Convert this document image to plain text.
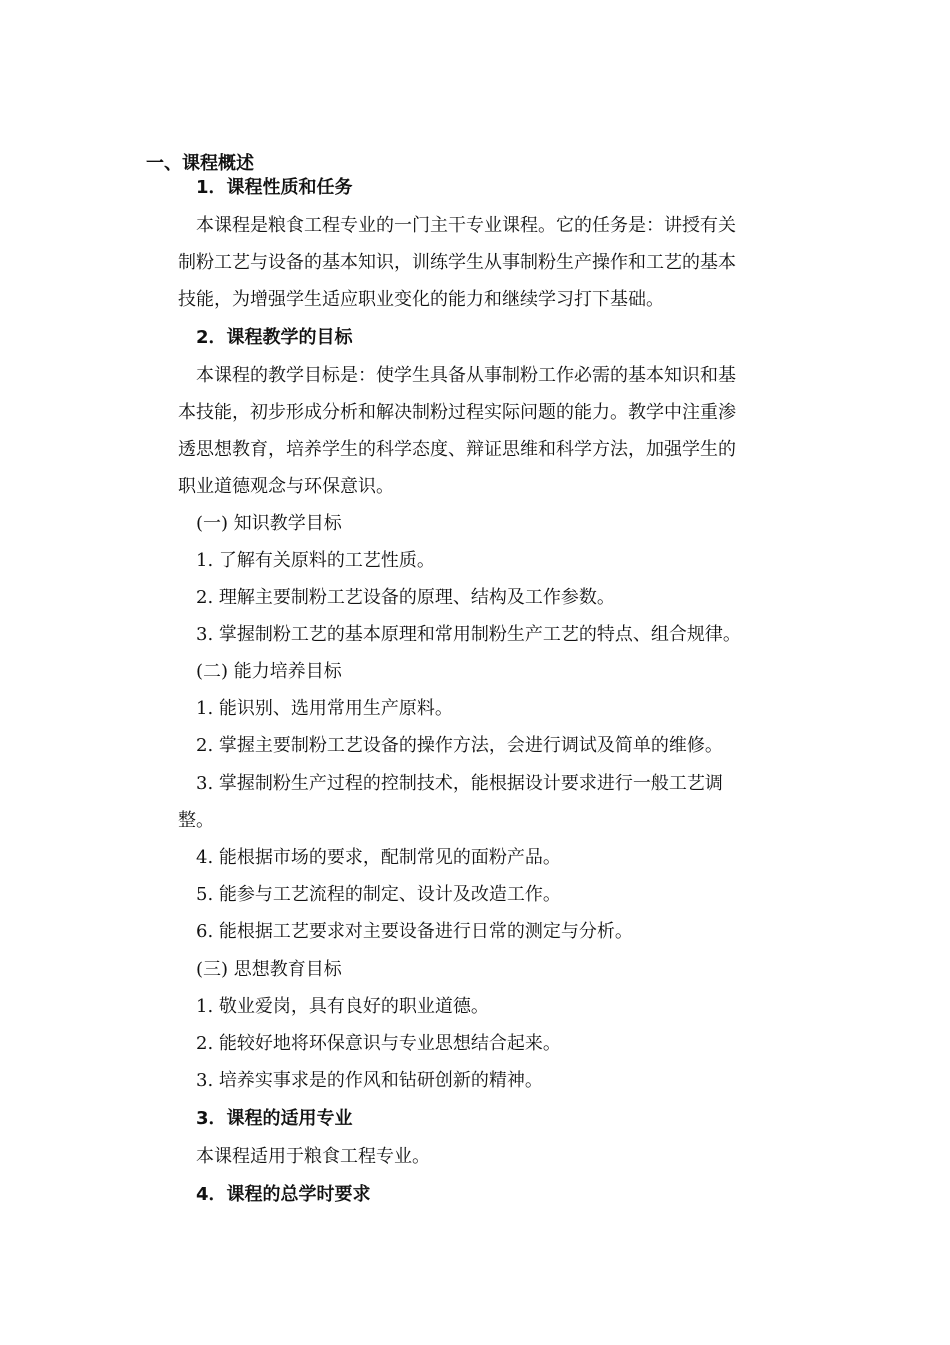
一、课程概述
1．课程性质和任务
本课程是粮食工程专业的一门主干专业课程。它的任务是：讲授有关
制粉工艺与设备的基本知识，训练学生从事制粉生产操作和工艺的基本
技能，为增强学生适应职业变化的能力和继续学习打下基础。
2．课程教学的目标
本课程的教学目标是：使学生具备从事制粉工作必需的基本知识和基
本技能，初步形成分析和解决制粉过程实际问题的能力。教学中注重渗
透思想教育，培养学生的科学态度、辩证思维和科学方法，加强学生的
职业道德观念与环保意识。
(一) 知识教学目标
1. 了解有关原料的工艺性质。
2. 理解主要制粉工艺设备的原理、结构及工作参数。
3. 掌握制粉工艺的基本原理和常用制粉生产工艺的特点、组合规律。
(二) 能力培养目标
1. 能识别、选用常用生产原料。
2. 掌握主要制粉工艺设备的操作方法，会进行调试及简单的维修。
3. 掌握制粉生产过程的控制技术，能根据设计要求进行一般工艺调
整。
4. 能根据市场的要求，配制常见的面粉产品。
5. 能参与工艺流程的制定、设计及改造工作。
6. 能根据工艺要求对主要设备进行日常的测定与分析。
(三) 思想教育目标
1. 敬业爱岗，具有良好的职业道德。
2. 能较好地将环保意识与专业思想结合起来。
3. 培养实事求是的作风和钻研创新的精神。
3．课程的适用专业
本课程适用于粮食工程专业。
4．课程的总学时要求
